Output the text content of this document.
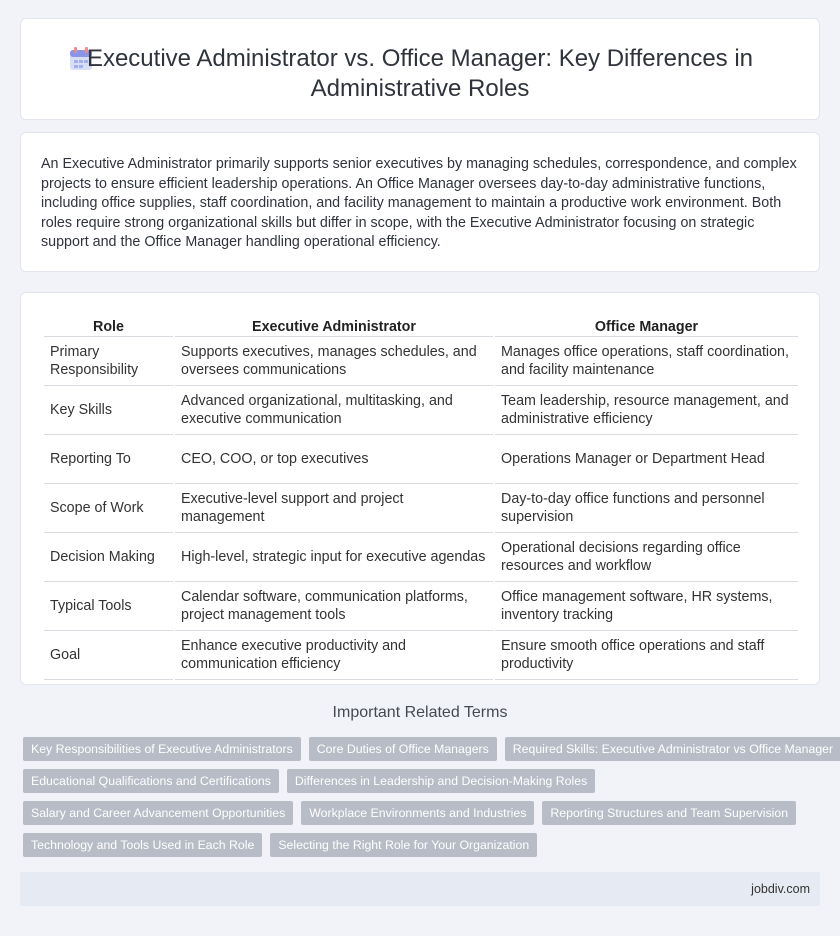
Executive Administrator vs. Office Manager: Key Differences in Administrative Roles

An Executive Administrator primarily supports senior executives by managing schedules, correspondence, and complex projects to ensure efficient leadership operations. An Office Manager oversees day-to-day administrative functions, including office supplies, staff coordination, and facility management to maintain a productive work environment. Both roles require strong organizational skills but differ in scope, with the Executive Administrator focusing on strategic support and the Office Manager handling operational efficiency.

Role	Executive Administrator	Office Manager
Primary Responsibility	Supports executives, manages schedules, and oversees communications	Manages office operations, staff coordination, and facility maintenance
Key Skills	Advanced organizational, multitasking, and executive communication	Team leadership, resource management, and administrative efficiency
Reporting To	CEO, COO, or top executives	Operations Manager or Department Head
Scope of Work	Executive-level support and project management	Day-to-day office functions and personnel supervision
Decision Making	High-level, strategic input for executive agendas	Operational decisions regarding office resources and workflow
Typical Tools	Calendar software, communication platforms, project management tools	Office management software, HR systems, inventory tracking
Goal	Enhance executive productivity and communication efficiency	Ensure smooth office operations and staff productivity
Important Related Terms
Key Responsibilities of Executive Administrators	Core Duties of Office Managers	Required Skills: Executive Administrator vs Office Manager
Educational Qualifications and Certifications	Differences in Leadership and Decision-Making Roles
Salary and Career Advancement Opportunities	Workplace Environments and Industries	Reporting Structures and Team Supervision
Technology and Tools Used in Each Role	Selecting the Right Role for Your Organization
jobdiv.com
